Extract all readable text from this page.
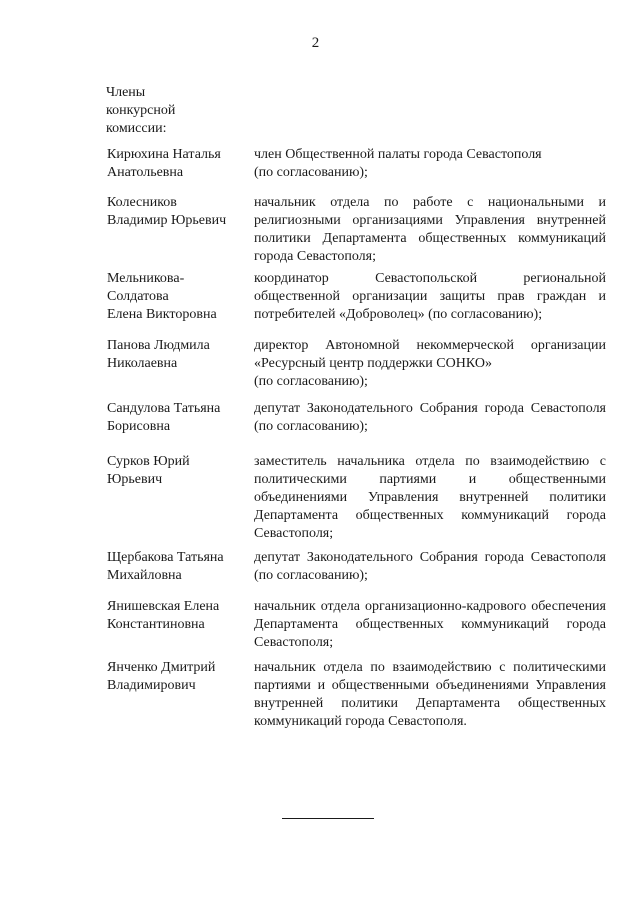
2
Члены
конкурсной
комиссии:
Кирюхина Наталья
Анатольевна
член Общественной палаты города Севастополя
(по согласованию);
Колесников
Владимир Юрьевич
начальник отдела по работе с национальными и религиозными организациями Управления внутренней политики Департамента общественных коммуникаций города Севастополя;
Мельникова-
Солдатова
Елена Викторовна
координатор Севастопольской региональной общественной организации защиты прав граждан и потребителей «Доброволец» (по согласованию);
Панова Людмила
Николаевна
директор Автономной некоммерческой организации «Ресурсный центр поддержки СОНКО»
(по согласованию);
Сандулова Татьяна
Борисовна
депутат Законодательного Собрания города Севастополя (по согласованию);
Сурков Юрий
Юрьевич
заместитель начальника отдела по взаимодействию с политическими партиями и общественными объединениями Управления внутренней политики Департамента общественных коммуникаций города Севастополя;
Щербакова Татьяна
Михайловна
депутат Законодательного Собрания города Севастополя (по согласованию);
Янишевская Елена
Константиновна
начальник отдела организационно-кадрового обеспечения Департамента общественных коммуникаций города Севастополя;
Янченко Дмитрий
Владимирович
начальник отдела по взаимодействию с политическими партиями и общественными объединениями Управления внутренней политики Департамента общественных коммуникаций города Севастополя.
